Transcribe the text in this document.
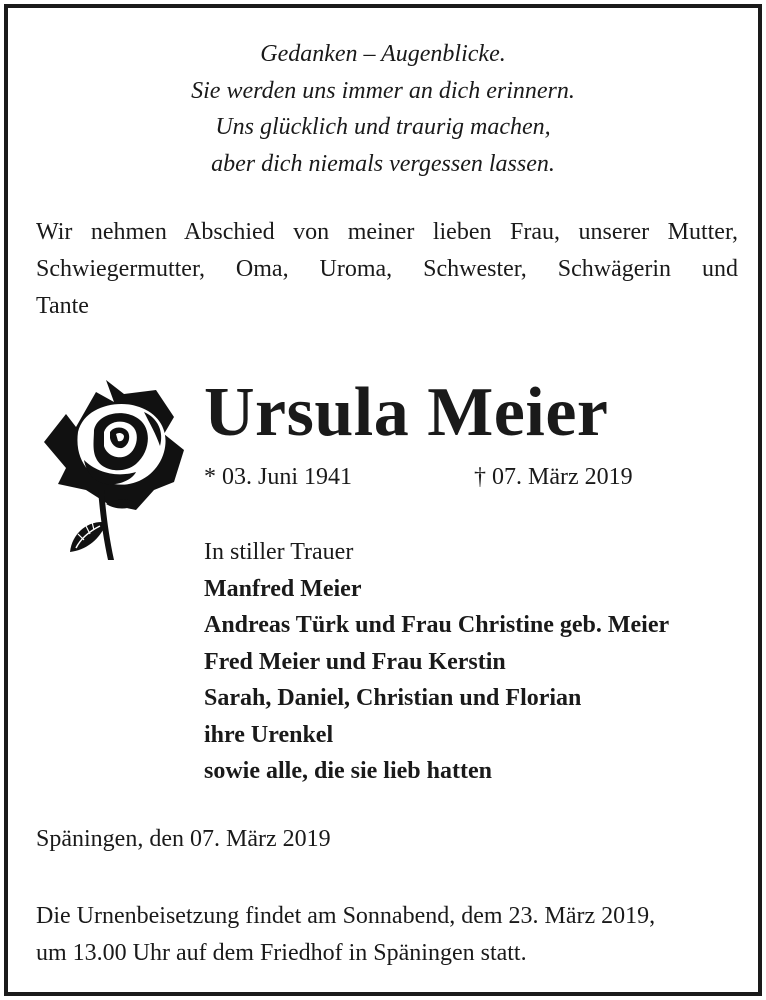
Gedanken – Augenblicke.
Sie werden uns immer an dich erinnern.
Uns glücklich und traurig machen,
aber dich niemals vergessen lassen.
Wir nehmen Abschied von meiner lieben Frau, unserer Mutter,
Schwiegermutter, Oma, Uroma, Schwester, Schwägerin und
Tante
Ursula Meier
* 03. Juni 1941	† 07. März 2019
In stiller Trauer
Manfred Meier
Andreas Türk und Frau Christine geb. Meier
Fred Meier und Frau Kerstin
Sarah, Daniel, Christian und Florian
ihre Urenkel
sowie alle, die sie lieb hatten
Späningen, den 07. März 2019
Die Urnenbeisetzung findet am Sonnabend, dem 23. März 2019,
um 13.00 Uhr auf dem Friedhof in Späningen statt.
